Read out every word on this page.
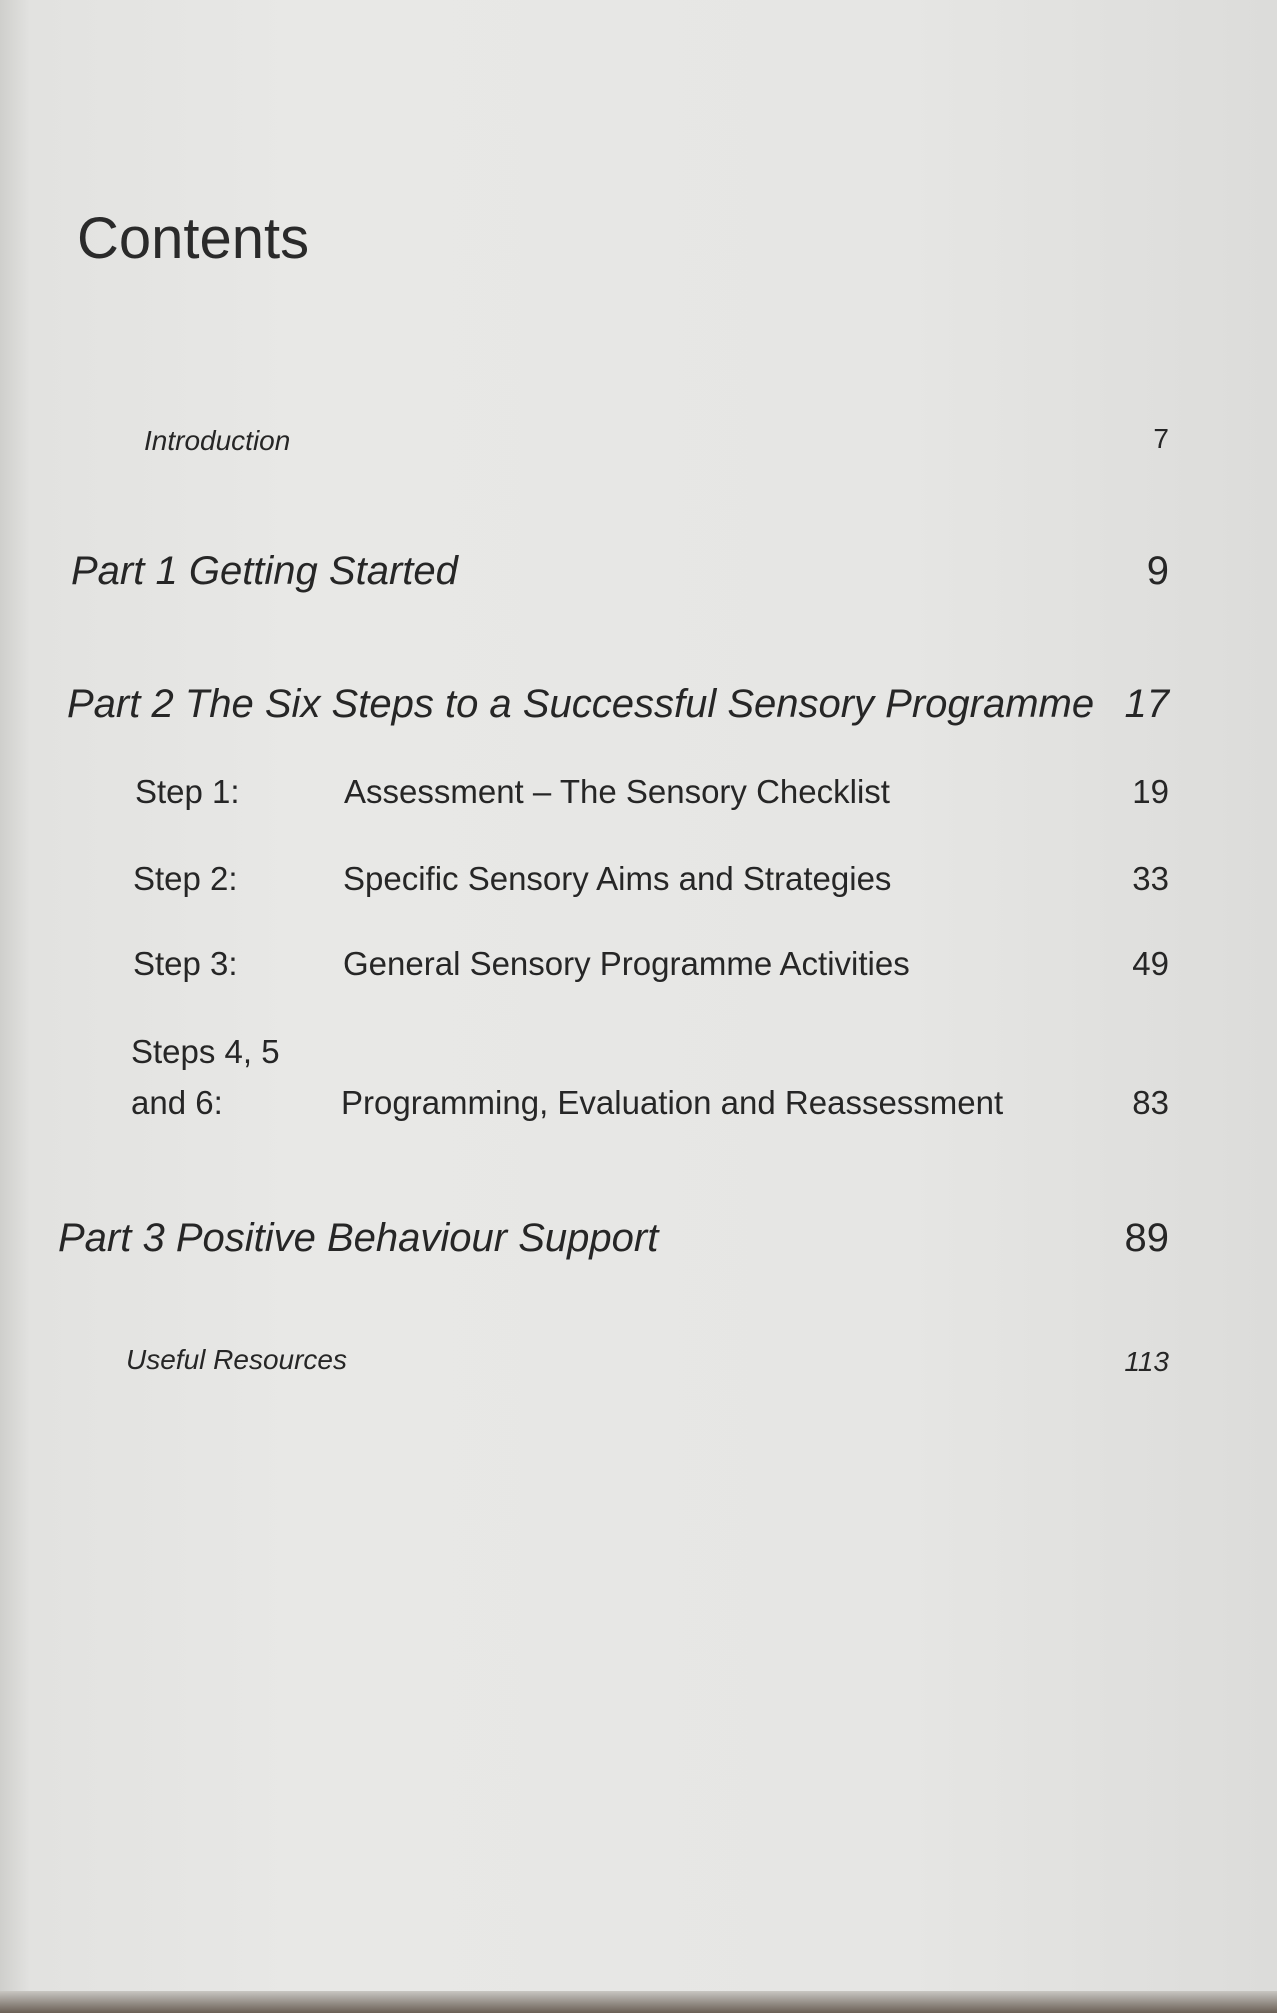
Contents
Introduction	7
Part 1 Getting Started	9
Part 2 The Six Steps to a Successful Sensory Programme 17
Step 1:	Assessment – The Sensory Checklist	19
Step 2:	Specific Sensory Aims and Strategies	33
Step 3:	General Sensory Programme Activities	49
Steps 4, 5
and 6:	Programming, Evaluation and Reassessment	83
Part 3 Positive Behaviour Support	89
Useful Resources	113
